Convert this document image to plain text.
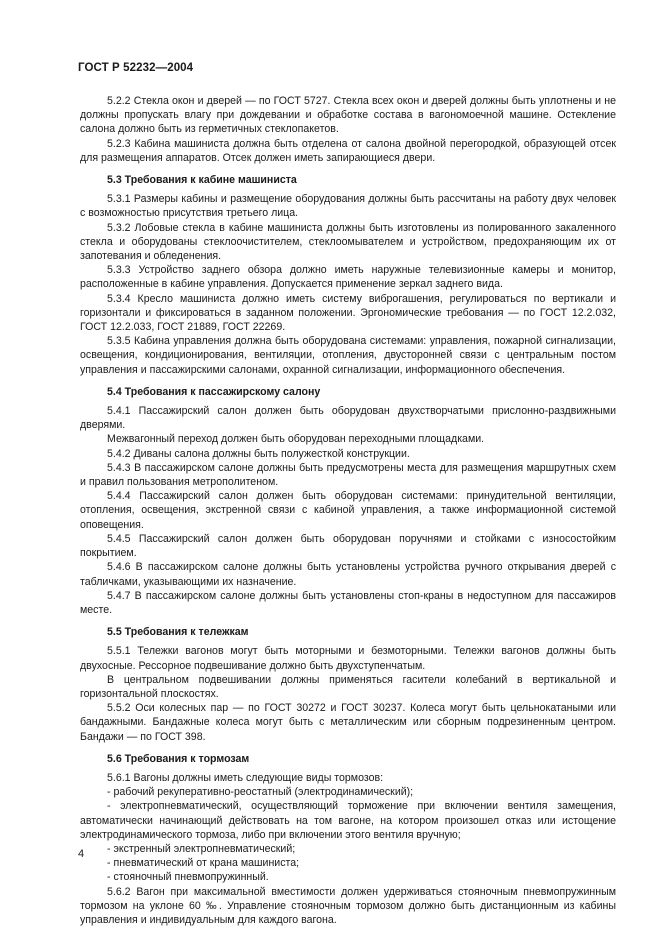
ГОСТ Р 52232—2004

5.2.2 Стекла окон и дверей — по ГОСТ 5727. Стекла всех окон и дверей должны быть уплотнены и не должны пропускать влагу при дождевании и обработке состава в вагономоечной машине. Остекление салона должно быть из герметичных стеклопакетов.

5.2.3 Кабина машиниста должна быть отделена от салона двойной перегородкой, образующей отсек для размещения аппаратов. Отсек должен иметь запирающиеся двери.

5.3 Требования к кабине машиниста

5.3.1 Размеры кабины и размещение оборудования должны быть рассчитаны на работу двух человек с возможностью присутствия третьего лица.

5.3.2 Лобовые стекла в кабине машиниста должны быть изготовлены из полированного закаленного стекла и оборудованы стеклоочистителем, стеклоомывателем и устройством, предохраняющим их от запотевания и обледенения.

5.3.3 Устройство заднего обзора должно иметь наружные телевизионные камеры и монитор, расположенные в кабине управления. Допускается применение зеркал заднего вида.

5.3.4 Кресло машиниста должно иметь систему виброгашения, регулироваться по вертикали и горизонтали и фиксироваться в заданном положении. Эргономические требования — по ГОСТ 12.2.032, ГОСТ 12.2.033, ГОСТ 21889, ГОСТ 22269.

5.3.5 Кабина управления должна быть оборудована системами: управления, пожарной сигнализации, освещения, кондиционирования, вентиляции, отопления, двусторонней связи с центральным постом управления и пассажирскими салонами, охранной сигнализации, информационного обеспечения.

5.4 Требования к пассажирскому салону

5.4.1 Пассажирский салон должен быть оборудован двухстворчатыми прислонно-раздвижными дверями.

Межвагонный переход должен быть оборудован переходными площадками.

5.4.2 Диваны салона должны быть полужесткой конструкции.

5.4.3 В пассажирском салоне должны быть предусмотрены места для размещения маршрутных схем и правил пользования метрополитеном.

5.4.4 Пассажирский салон должен быть оборудован системами: принудительной вентиляции, отопления, освещения, экстренной связи с кабиной управления, а также информационной системой оповещения.

5.4.5 Пассажирский салон должен быть оборудован поручнями и стойками с износостойким покрытием.

5.4.6 В пассажирском салоне должны быть установлены устройства ручного открывания дверей с табличками, указывающими их назначение.

5.4.7 В пассажирском салоне должны быть установлены стоп-краны в недоступном для пассажиров месте.

5.5 Требования к тележкам

5.5.1 Тележки вагонов могут быть моторными и безмоторными. Тележки вагонов должны быть двухосные. Рессорное подвешивание должно быть двухступенчатым.

В центральном подвешивании должны применяться гасители колебаний в вертикальной и горизонтальной плоскостях.

5.5.2 Оси колесных пар — по ГОСТ 30272 и ГОСТ 30237. Колеса могут быть цельнокатаными или бандажными. Бандажные колеса могут быть с металлическим или сборным подрезиненным центром. Бандажи — по ГОСТ 398.

5.6 Требования к тормозам

5.6.1 Вагоны должны иметь следующие виды тормозов:

- рабочий рекуперативно-реостатный (электродинамический);

- электропневматический, осуществляющий торможение при включении вентиля замещения, автоматически начинающий действовать на том вагоне, на котором произошел отказ или истощение электродинамического тормоза, либо при включении этого вентиля вручную;

- экстренный электропневматический;

- пневматический от крана машиниста;

- стояночный пневмопружинный.

5.6.2 Вагон при максимальной вместимости должен удерживаться стояночным пневмопружинным тормозом на уклоне 60 ‰. Управление стояночным тормозом должно быть дистанционным из кабины управления и индивидуальным для каждого вагона.

4
